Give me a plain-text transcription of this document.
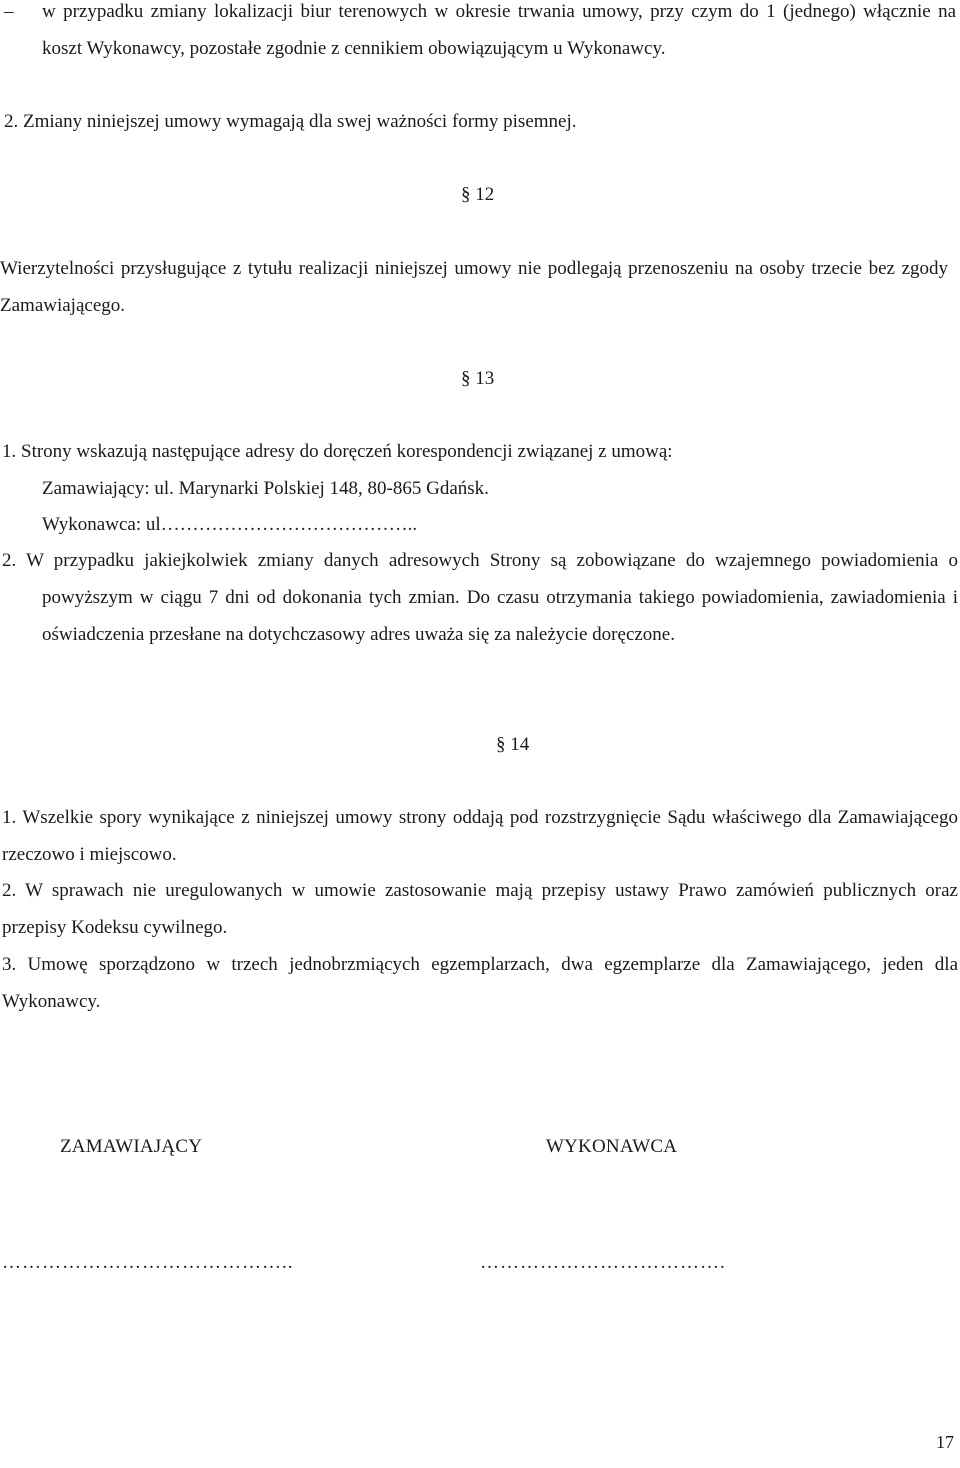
– w przypadku zmiany lokalizacji biur terenowych w okresie trwania umowy, przy czym do 1 (jednego) włącznie na koszt Wykonawcy, pozostałe zgodnie z cennikiem obowiązującym u Wykonawcy.

2. Zmiany niniejszej umowy wymagają dla swej ważności formy pisemnej.

§ 12

Wierzytelności przysługujące z tytułu realizacji niniejszej umowy nie podlegają przenoszeniu na osoby trzecie bez zgody Zamawiającego.

§ 13

1. Strony wskazują następujące adresy do doręczeń korespondencji związanej z umową:

Zamawiający: ul. Marynarki Polskiej 148, 80-865 Gdańsk.

Wykonawca: ul…………………………………..

2. W przypadku jakiejkolwiek zmiany danych adresowych Strony są zobowiązane do wzajemnego powiadomienia o powyższym w ciągu 7 dni od dokonania tych zmian. Do czasu otrzymania takiego powiadomienia, zawiadomienia i oświadczenia przesłane na dotychczasowy adres uważa się za należycie doręczone.

§ 14

1. Wszelkie spory wynikające z niniejszej umowy strony oddają pod rozstrzygnięcie Sądu właściwego dla Zamawiającego rzeczowo i miejscowo.

2. W sprawach nie uregulowanych w umowie zastosowanie mają przepisy ustawy Prawo zamówień publicznych oraz przepisy Kodeksu cywilnego.

3. Umowę sporządzono w trzech jednobrzmiących egzemplarzach, dwa egzemplarze dla Zamawiającego, jeden dla Wykonawcy.

ZAMAWIAJĄCY	WYKONAWCA
……………………………………..	……………………………….
17
